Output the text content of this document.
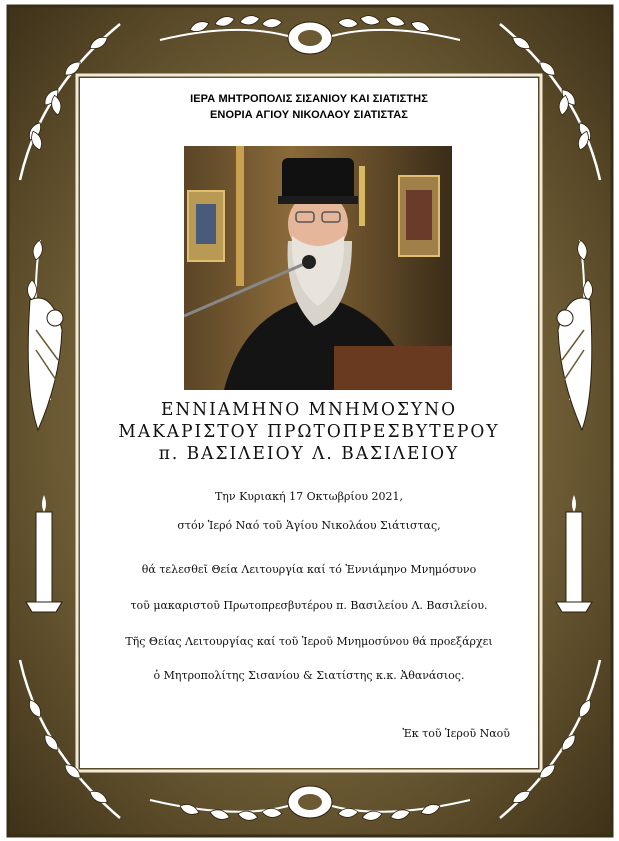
ΙΕΡΑ ΜΗΤΡΟΠΟΛΙΣ ΣΙΣΑΝΙΟΥ ΚΑΙ ΣΙΑΤΙΣΤΗΣ
ΕΝΟΡΙΑ ΑΓΙΟΥ ΝΙΚΟΛΑΟΥ ΣΙΑΤΙΣΤΑΣ
ΕΝΝΙΑΜΗΝΟ ΜΝΗΜΟΣΥΝΟ
ΜΑΚΑΡΙΣΤΟΥ ΠΡΩΤΟΠΡΕΣΒΥΤΕΡΟΥ
π. ΒΑΣΙΛΕΙΟΥ Λ. ΒΑΣΙΛΕΙΟΥ
Την Κυριακή 17 Οκτωβρίου 2021,
στόν Ἱερό Ναό τοῦ Ἁγίου Νικολάου Σιάτιστας,
θά τελεσθεῖ Θεία Λειτουργία καί τό Ἐννιάμηνο Μνημόσυνο
τοῦ μακαριστοῦ Πρωτοπρεσβυτέρου π. Βασιλείου Λ. Βασιλείου.
Τῆς Θείας Λειτουργίας καί τοῦ Ἱεροῦ Μνημοσύνου θά προεξάρχει
ὁ Μητροπολίτης Σισανίου & Σιατίστης κ.κ. Ἀθανάσιος.
Ἐκ τοῦ Ἱεροῦ Ναοῦ
